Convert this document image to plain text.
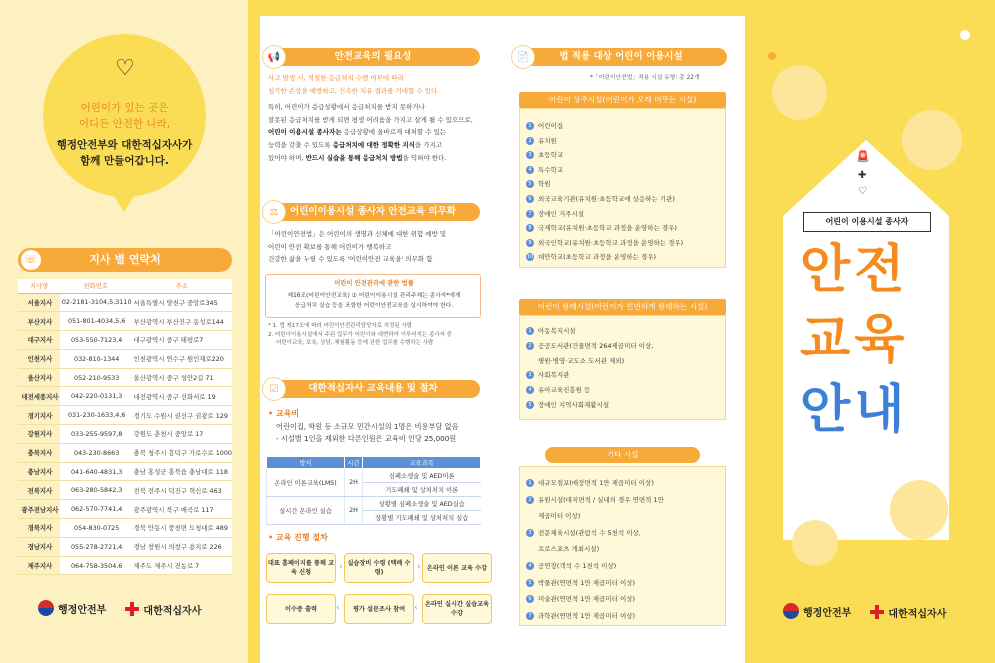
♡
어린이가 있는 곳은
어디든 안전한 나라,
행정안전부와 대한적십자사가
함께 만들어갑니다.
☏	지사 별 연락처
지사명	전화번호	주소
서울지사	02-2181-3104,5,3110	서울특별시 양천구 중앙로345
부산지사	051-801-4034,5,6	부산광역시 부산진구 동성로144
대구지사	053-550-7123,4	대구광역시 중구 태평로7
인천지사	032-810-1344	인천광역시 연수구 원인재로220
울산지사	052-210-9533	울산광역시 중구 성안2길 71
대전세종지사	042-220-0131,3	대전광역시 중구 선화서로 19
경기지사	031-230-1633,4,6	경기도 수원시 권선구 권광로 129
강원지사	033-255-9597,8	강원도 춘천시 중앙로 17
충북지사	043-230-8663	충북 청주시 흥덕구 가로수로 1000
충남지사	041-640-4831,3	충남 홍성군 홍북읍 충남대로 118
전북지사	063-280-5842,3	전북 전주시 덕진구 혁신로 463
광주전남지사	062-570-7741,4	광주광역시 북구 매곡로 117
경북지사	054-830-0725	경북 안동시 풍천면 도청대로 489
경남지사	055-278-2721,4	경남 창원시 의창구 용지로 226
제주지사	064-758-3504,6	제주도 제주시 전농로 7
행정안전부
	대한적십자사
📢	안전교육의 필요성
사고 발생 시, 적절한 응급처치 수행 여부에 따라
심각한 손상을 예방하고, 신속한 치유 결과를 기대할 수 있다.
특히, 어린이가 응급상황에서 응급처치를 받지 못하거나
잘못된 응급처치를 받게 되면 평생 어려움을 가지고 살게 될 수 있으므로,
어린이 이용시설 종사자는 응급상황에 올바르게 대처할 수 있는
능력을 갖출 수 있도록 응급처치에 대한 정확한 지식을 가지고
있어야 하며, 반드시 실습을 통해 응급처치 방법을 익혀야 한다.
⚖	어린이이용시설 종사자 안전교육 의무화
「어린이안전법」은 어린이의 생명과 신체에 대한 위험 예방 및
어린이 안전 확보를 통해 어린이가 행복하고
건강한 삶을 누릴 수 있도록 '어린이안전 교육을' 의무화 함
어린이 안전관리에 관한 법률
제16조(어린이안전교육) ① 어린이이용시설 관리주체는 종사자*에게
응급처치 실습 등을 포함한 어린이안전교육을 실시하여야 한다.
* 1. 법 제17조에 따라 어린이안전관리담당자로 지정된 사람
2. 어린이이용시설에서 주된 업무가 어린이와 대면하여 이루어지는 종사자 중
어린이교육, 보육, 상담, 체험활동 등에 관한 업무를 수행하는 사람
☑	대한적십자사 교육내용 및 절차
• 교육비
어린이집, 학원 등 소규모 민간시설의 1명은 비용부담 없음
- 시설별 1인을 제외한 다른인원은 교육비 인당 25,000원
방식	시간	교육과목
온라인 이론교육(LMS)	2H	심폐소생술 및 AED이론
		기도폐쇄 및 상처처치 이론
실시간 온라인 실습	2H	상황별 심폐소생술 및 AED실습
		상황별 기도폐쇄 및 상처처치 실습
• 교육 진행 절차
대표 홈페이지를 통해 교육 신청
› 실습장비 수령 (택배 수령)
›	온라인 이론 교육 수강
온라인 실시간 실습교육 수강
‹
평가 설문조사 참여
‹
이수증 출력
📄	법 적용 대상 어린이 이용시설
*「어린이안전법」적용 시설 유형: 총 22개
어린이 상주시설(어린이가 오래 머무는 시설)
1 어린이집
2 유치원
3 초등학교
4 특수학교
5 학원
6 외국교육기관(유치원·초등학교에 상응하는 기관)
7 장애인 거주시설
8 국제학교(유치원·초등학교 과정을 운영하는 경우)
9 외국인학교(유치원·초등학교 과정을 운영하는 경우)
10 대안학교(초등학교 과정을 운영하는 경우)
어린이 왕래시설(어린이가 빈번하게 왕래하는 시설)
1 아동복지시설
2 공공도서관(건물면적 264제곱미터 이상,
병원·병영·교도소 도서관 제외)
3 사회복지관
4 유아교육진흥원 등
5 장애인 지역사회재활시설
기타 시설
1 대규모점포(매장면적 1만 제곱미터 이상)
2 유원시설(대지면적 / 실내의 경우 연면적 1만
제곱미터 이상)
3 전문체육시설(관람석 수 5천석 이상,
프로스포츠 개최시설)
4 공연장(객석 수 1천석 이상)
5 박물관(연면적 1만 제곱미터 이상)
6 미술관(연면적 1만 제곱미터 이상)
7 과학관(연면적 1만 제곱미터 이상)
🚨
✚
♡
어린이 이용시설 종사자
안전
교육
안내
행정안전부
	대한적십자사
